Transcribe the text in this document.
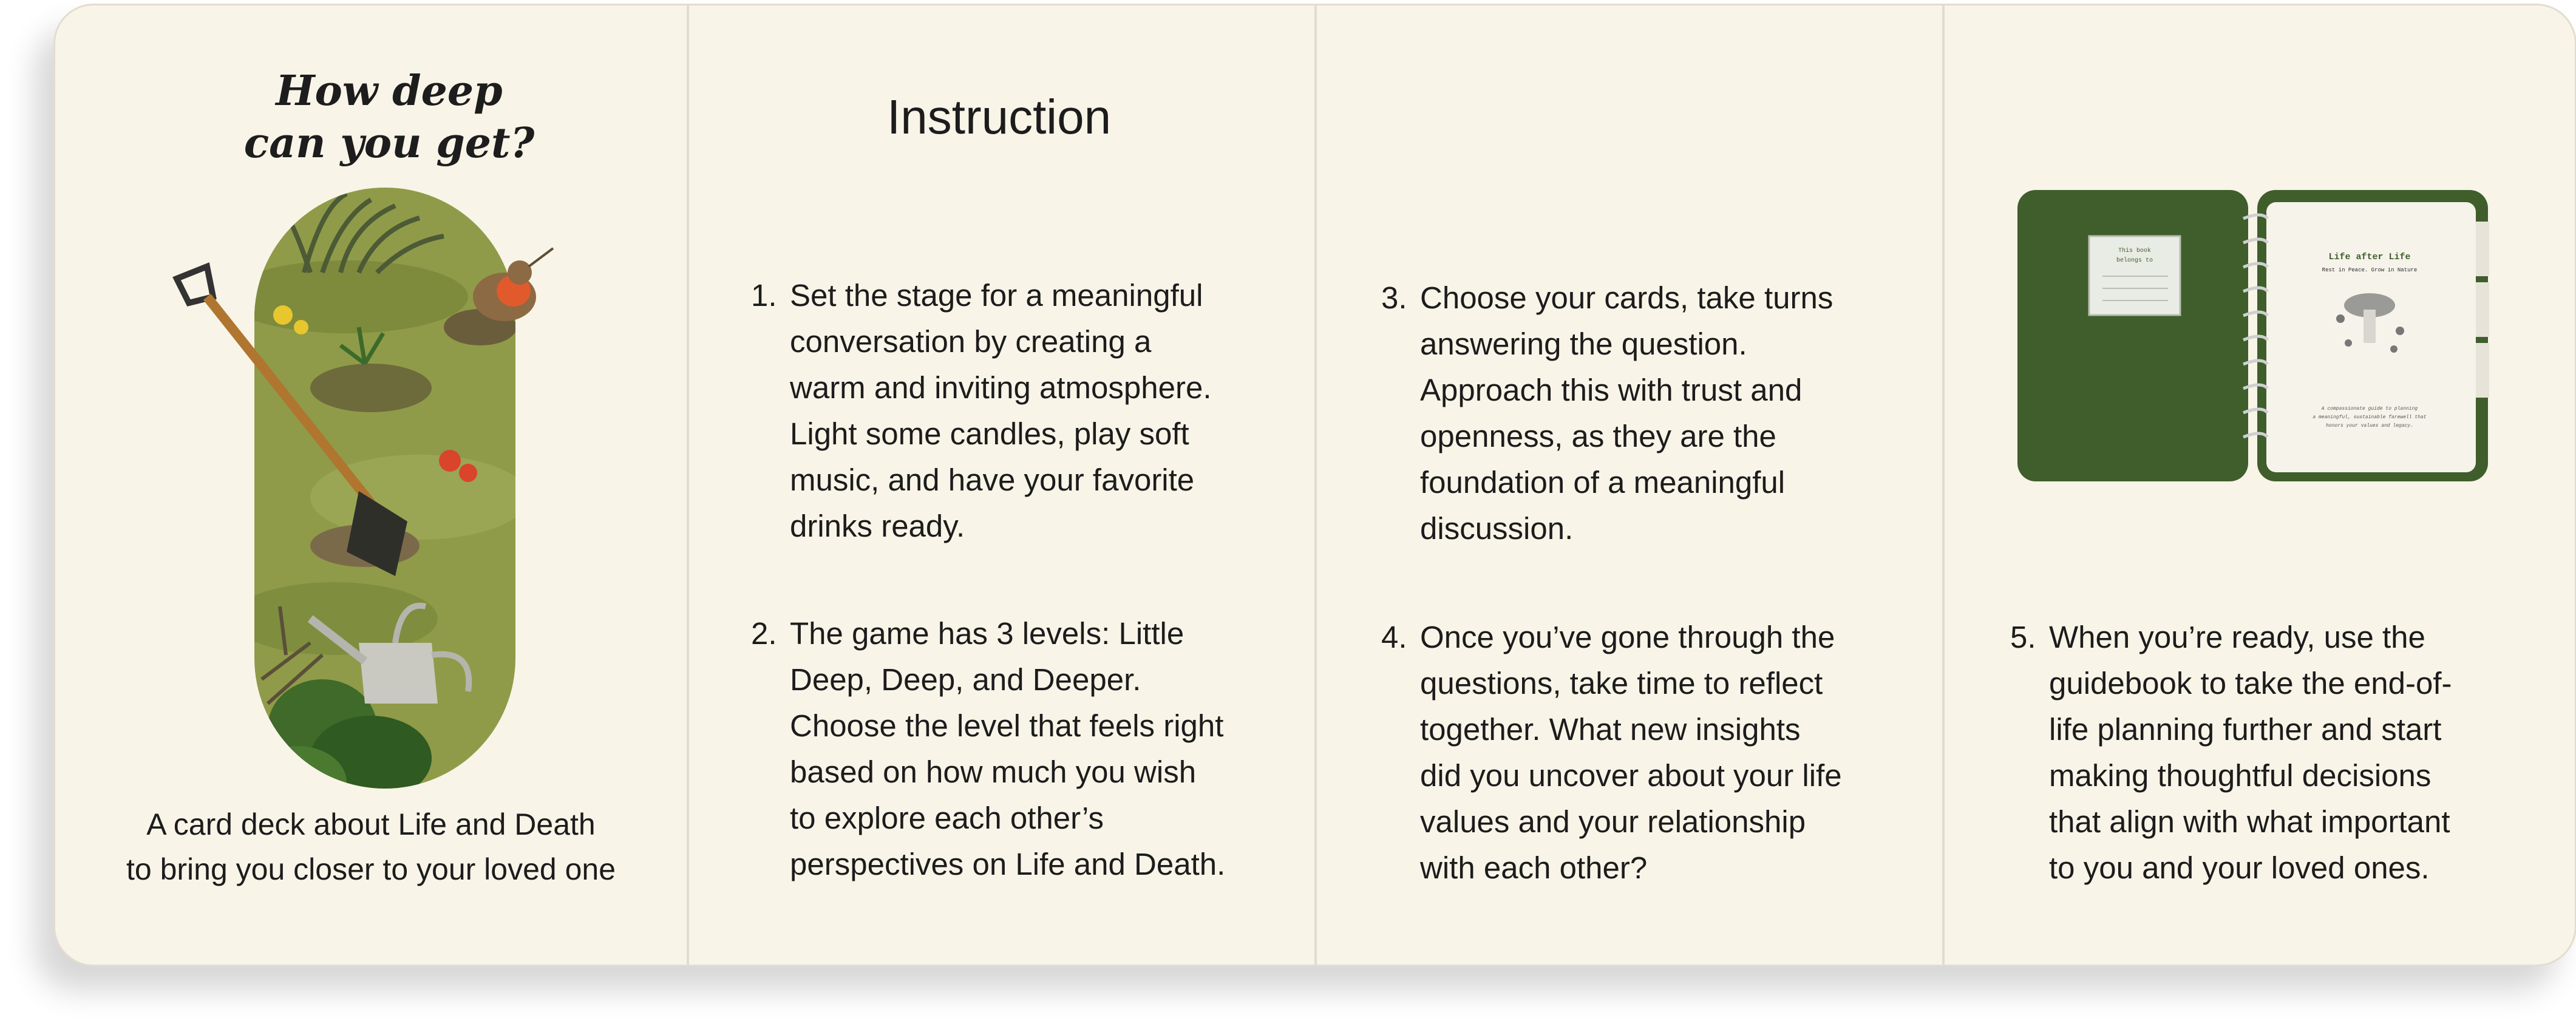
How deep
can you get?
A card deck about Life and Death
to bring you closer to your loved one
Instruction
1. Set the stage for a meaningful
conversation by creating a
warm and inviting atmosphere.
Light some candles, play soft
music, and have your favorite
drinks ready.
2. The game has 3 levels: Little
Deep, Deep, and Deeper.
Choose the level that feels right
based on how much you wish
to explore each other’s
perspectives on Life and Death.
3. Choose your cards, take turns
answering the question.
Approach this with trust and
openness, as they are the
foundation of a meaningful
discussion.
4. Once you’ve gone through the
questions, take time to reflect
together. What new insights
did you uncover about your life
values and your relationship
with each other?
This book
belongs to	Life after Life
Rest in Peace. Grow in Nature
A compassionate guide to planning
a meaningful, sustainable farewell that
honors your values and legacy.
5. When you’re ready, use the
guidebook to take the end-of-
life planning further and start
making thoughtful decisions
that align with what important
to you and your loved ones.
